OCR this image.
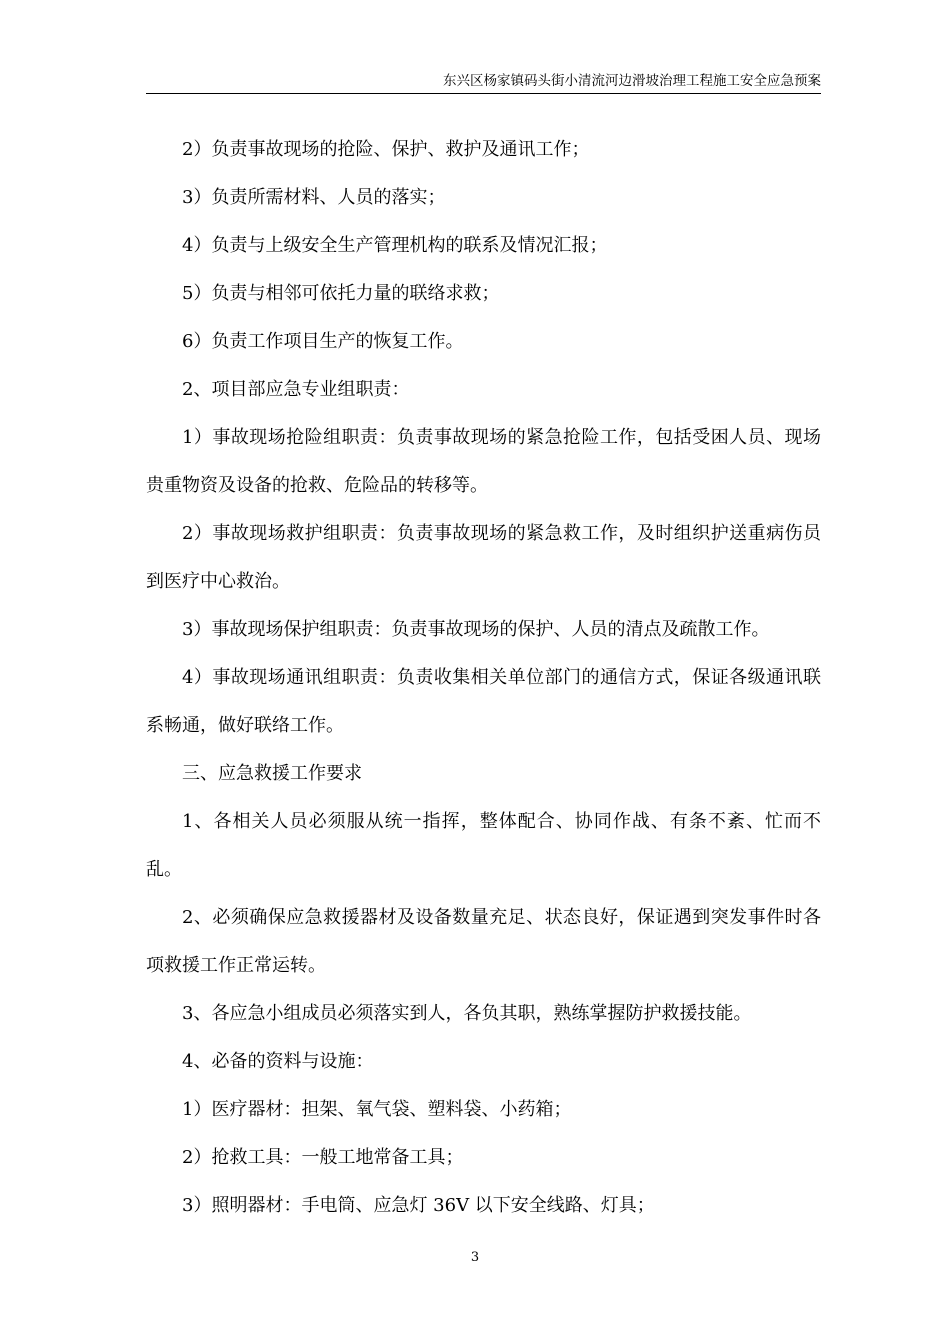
东兴区杨家镇码头街小清流河边滑坡治理工程施工安全应急预案

2）负责事故现场的抢险、保护、救护及通讯工作；

3）负责所需材料、人员的落实；

4）负责与上级安全生产管理机构的联系及情况汇报；

5）负责与相邻可依托力量的联络求救；

6）负责工作项目生产的恢复工作。

2、项目部应急专业组职责：

1）事故现场抢险组职责：负责事故现场的紧急抢险工作，包括受困人员、现场贵重物资及设备的抢救、危险品的转移等。

2）事故现场救护组职责：负责事故现场的紧急救工作，及时组织护送重病伤员到医疗中心救治。

3）事故现场保护组职责：负责事故现场的保护、人员的清点及疏散工作。

4）事故现场通讯组职责：负责收集相关单位部门的通信方式，保证各级通讯联系畅通，做好联络工作。

三、应急救援工作要求

1、各相关人员必须服从统一指挥，整体配合、协同作战、有条不紊、忙而不乱。

2、必须确保应急救援器材及设备数量充足、状态良好，保证遇到突发事件时各项救援工作正常运转。

3、各应急小组成员必须落实到人，各负其职，熟练掌握防护救援技能。

4、必备的资料与设施：

1）医疗器材：担架、氧气袋、塑料袋、小药箱；

2）抢救工具：一般工地常备工具；

3）照明器材：手电筒、应急灯 36V 以下安全线路、灯具；

3
